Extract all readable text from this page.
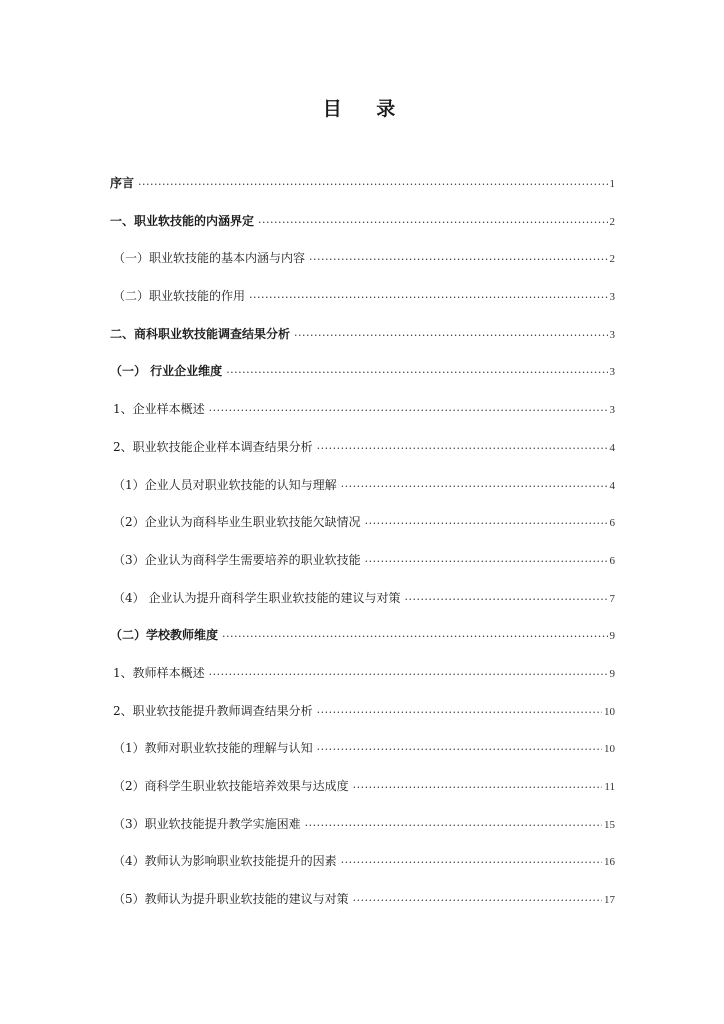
目 录
序言 ·····	1
一、职业软技能的内涵界定 ·····	2
（一）职业软技能的基本内涵与内容 ·····	2
（二）职业软技能的作用 ·····	3
二、商科职业软技能调查结果分析 ·····	3
（一） 行业企业维度 ·····	3
1、企业样本概述 ·····	3
2、职业软技能企业样本调查结果分析 ·····	4
（1）企业人员对职业软技能的认知与理解 ·····	4
（2）企业认为商科毕业生职业软技能欠缺情况 ·····	6
（3）企业认为商科学生需要培养的职业软技能 ·····	6
（4） 企业认为提升商科学生职业软技能的建议与对策 ·····	7
（二）学校教师维度 ·····	9
1、教师样本概述 ·····	9
2、职业软技能提升教师调查结果分析 ·····	10
（1）教师对职业软技能的理解与认知 ·····	10
（2）商科学生职业软技能培养效果与达成度 ·····	11
（3）职业软技能提升教学实施困难 ·····	15
（4）教师认为影响职业软技能提升的因素 ·····	16
（5）教师认为提升职业软技能的建议与对策 ·····	17
